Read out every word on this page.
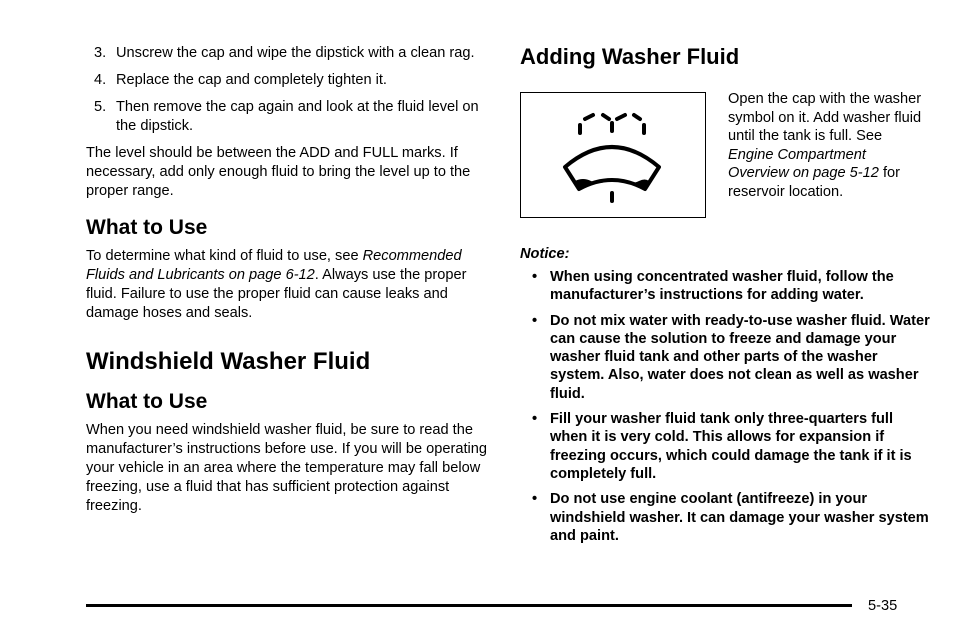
3. Unscrew the cap and wipe the dipstick with a clean rag.
4. Replace the cap and completely tighten it.
5. Then remove the cap again and look at the fluid level on the dipstick.

The level should be between the ADD and FULL marks. If necessary, add only enough fluid to bring the level up to the proper range.

What to Use

To determine what kind of fluid to use, see Recommended Fluids and Lubricants on page 6-12. Always use the proper fluid. Failure to use the proper fluid can cause leaks and damage hoses and seals.

Windshield Washer Fluid
What to Use

When you need windshield washer fluid, be sure to read the manufacturer’s instructions before use. If you will be operating your vehicle in an area where the temperature may fall below freezing, use a fluid that has sufficient protection against freezing.

Adding Washer Fluid
Open the cap with the washer symbol on it. Add washer fluid until the tank is full. See Engine Compartment Overview on page 5-12 for reservoir location.
Notice:
• When using concentrated washer fluid, follow the manufacturer’s instructions for adding water.
• Do not mix water with ready-to-use washer fluid. Water can cause the solution to freeze and damage your washer fluid tank and other parts of the washer system. Also, water does not clean as well as washer fluid.
• Fill your washer fluid tank only three-quarters full when it is very cold. This allows for expansion if freezing occurs, which could damage the tank if it is completely full.
• Do not use engine coolant (antifreeze) in your windshield washer. It can damage your washer system and paint.
5-35
